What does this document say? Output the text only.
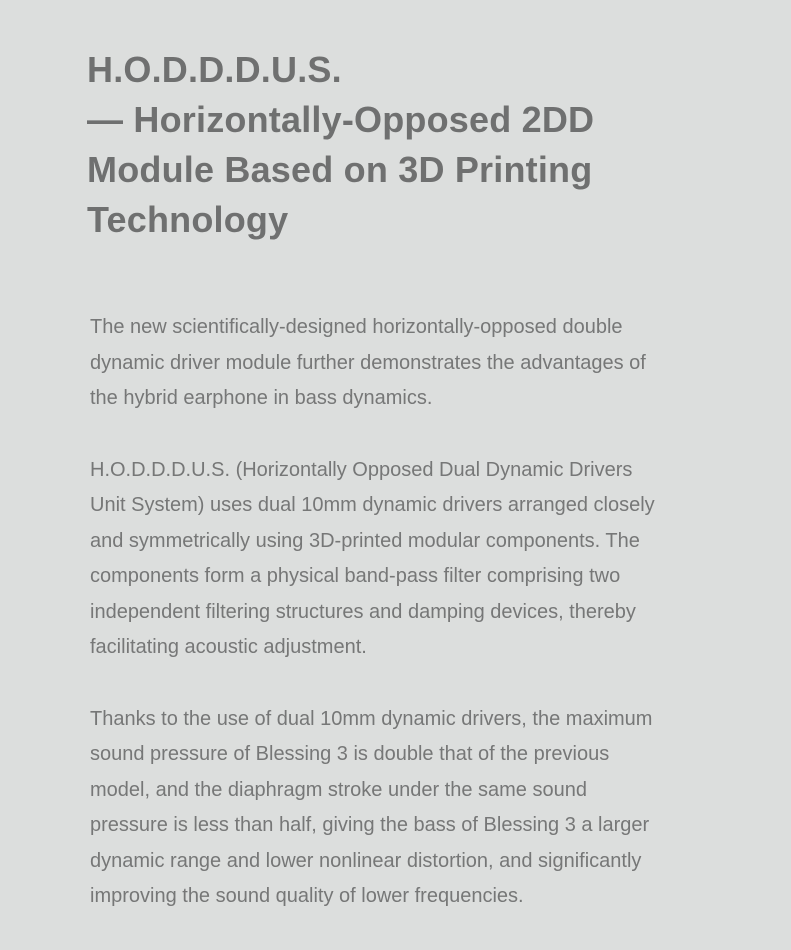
H.O.D.D.D.U.S.
— Horizontally-Opposed 2DD
Module Based on 3D Printing
Technology

The new scientifically-designed horizontally-opposed double
dynamic driver module further demonstrates the advantages of
the hybrid earphone in bass dynamics.

H.O.D.D.D.U.S. (Horizontally Opposed Dual Dynamic Drivers
Unit System) uses dual 10mm dynamic drivers arranged closely
and symmetrically using 3D-printed modular components. The
components form a physical band-pass filter comprising two
independent filtering structures and damping devices, thereby
facilitating acoustic adjustment.

Thanks to the use of dual 10mm dynamic drivers, the maximum
sound pressure of Blessing 3 is double that of the previous
model, and the diaphragm stroke under the same sound
pressure is less than half, giving the bass of Blessing 3 a larger
dynamic range and lower nonlinear distortion, and significantly
improving the sound quality of lower frequencies.
